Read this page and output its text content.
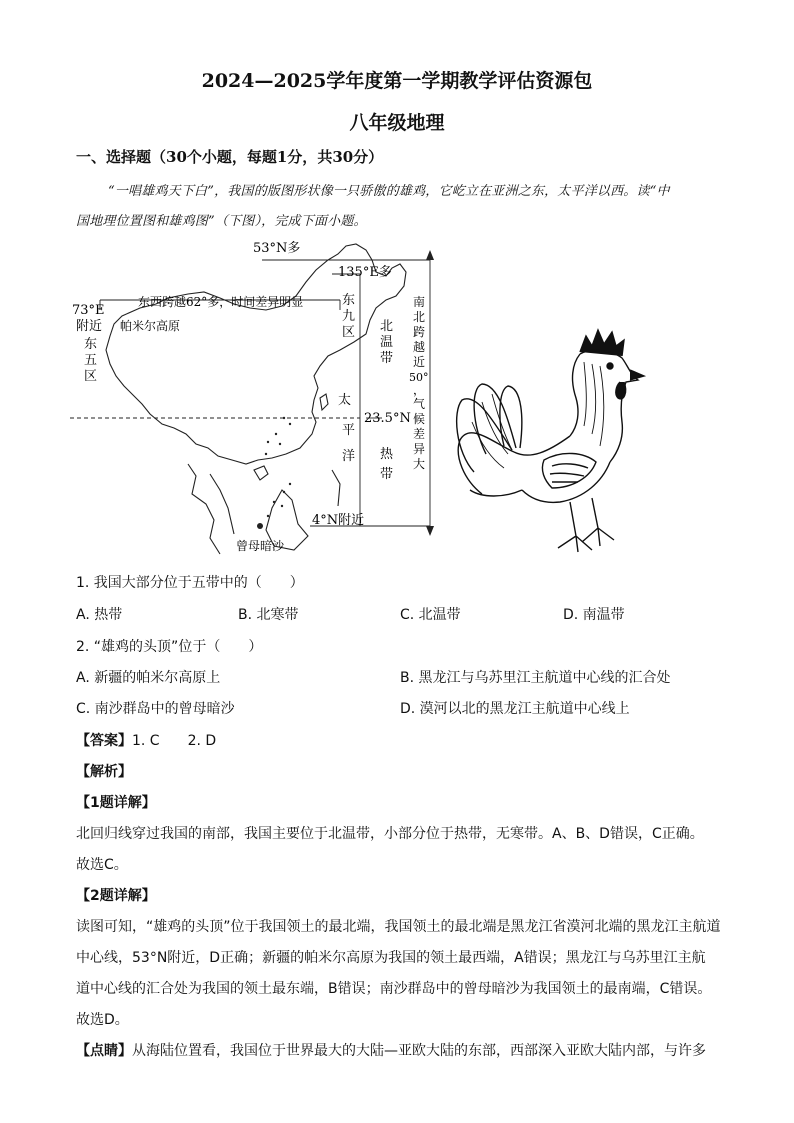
2024—2025学年度第一学期教学评估资源包
八年级地理
一、选择题（30个小题，每题1分，共30分）
“一唱雄鸡天下白”，我国的版图形状像一只骄傲的雄鸡，它屹立在亚洲之东，太平洋以西。读“中
国地理位置图和雄鸡图”（下图），完成下面小题。
53°N多
135°E多
73°E
附近
东
五
区
东西跨越62°多，时间差异明显	东
九
区
帕米尔高原
太
平
洋
23.5°N
4°N附近
曾母暗沙
北
温
带
热
带
南
北
跨
越
近
50°
，
气
候
差
异
大
1. 我国大部分位于五带中的（　　）
A. 热带	B. 北寒带	C. 北温带	D. 南温带
2. “雄鸡的头顶”位于（　　）
A. 新疆的帕米尔高原上	B. 黑龙江与乌苏里江主航道中心线的汇合处
C. 南沙群岛中的曾母暗沙	D. 漠河以北的黑龙江主航道中心线上
【答案】1. C　　2. D
【解析】
【1题详解】
北回归线穿过我国的南部，我国主要位于北温带，小部分位于热带，无寒带。A、B、D错误，C正确。
故选C。
【2题详解】
读图可知，“雄鸡的头顶”位于我国领土的最北端，我国领土的最北端是黑龙江省漠河北端的黑龙江主航道
中心线，53°N附近，D正确；新疆的帕米尔高原为我国的领土最西端，A错误；黑龙江与乌苏里江主航
道中心线的汇合处为我国的领土最东端，B错误；南沙群岛中的曾母暗沙为我国领土的最南端，C错误。
故选D。
【点睛】从海陆位置看，我国位于世界最大的大陆—亚欧大陆的东部，西部深入亚欧大陆内部，与许多
